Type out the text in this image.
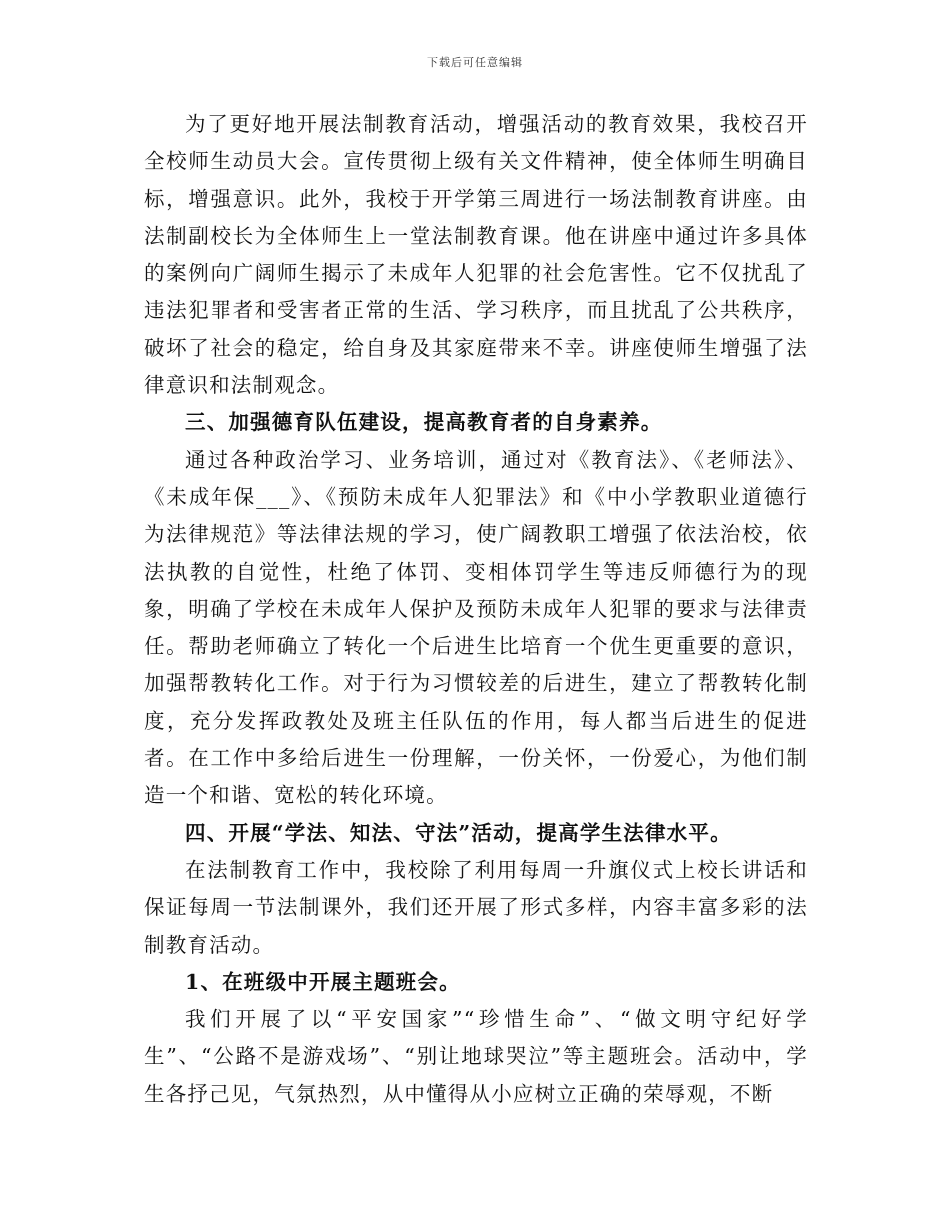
下载后可任意编辑

为了更好地开展法制教育活动，增强活动的教育效果，我校召开全校师生动员大会。宣传贯彻上级有关文件精神，使全体师生明确目标，增强意识。此外，我校于开学第三周进行一场法制教育讲座。由法制副校长为全体师生上一堂法制教育课。他在讲座中通过许多具体的案例向广阔师生揭示了未成年人犯罪的社会危害性。它不仅扰乱了违法犯罪者和受害者正常的生活、学习秩序，而且扰乱了公共秩序，破坏了社会的稳定，给自身及其家庭带来不幸。讲座使师生增强了法律意识和法制观念。

三、加强德育队伍建设，提高教育者的自身素养。

通过各种政治学习、业务培训，通过对《教育法》、《老师法》、《未成年保___》、《预防未成年人犯罪法》和《中小学教职业道德行为法律规范》等法律法规的学习，使广阔教职工增强了依法治校，依法执教的自觉性，杜绝了体罚、变相体罚学生等违反师德行为的现象，明确了学校在未成年人保护及预防未成年人犯罪的要求与法律责任。帮助老师确立了转化一个后进生比培育一个优生更重要的意识，加强帮教转化工作。对于行为习惯较差的后进生，建立了帮教转化制度，充分发挥政教处及班主任队伍的作用，每人都当后进生的促进者。在工作中多给后进生一份理解，一份关怀，一份爱心，为他们制造一个和谐、宽松的转化环境。

四、开展“学法、知法、守法”活动，提高学生法律水平。

在法制教育工作中，我校除了利用每周一升旗仪式上校长讲话和保证每周一节法制课外，我们还开展了形式多样，内容丰富多彩的法制教育活动。

1、在班级中开展主题班会。

我们开展了以“平安国家”“珍惜生命”、“做文明守纪好学生”、“公路不是游戏场”、“别让地球哭泣”等主题班会。活动中，学生各抒己见，气氛热烈，从中懂得从小应树立正确的荣辱观，不断
